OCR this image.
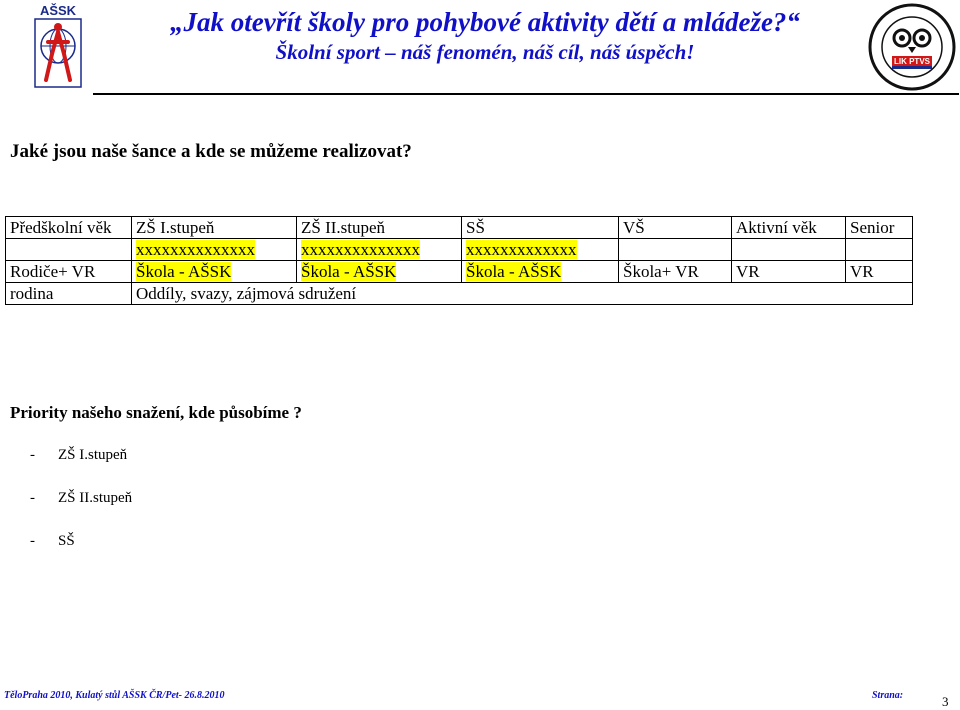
AŠSK	„Jak otevřít školy pro pohybové aktivity dětí a mládeže?“
Školní sport – náš fenomén, náš cíl, náš úspěch!	LIK PTVS
Jaké jsou naše šance a kde se můžeme realizovat?
Předškolní věk	ZŠ I.stupeň	ZŠ II.stupeň	SŠ	VŠ	Aktivní věk	Senior
	xxxxxxxxxxxxxx	xxxxxxxxxxxxxx	xxxxxxxxxxxxx			
Rodiče+ VR	Škola - AŠSK	Škola - AŠSK	Škola - AŠSK	Škola+ VR	VR	VR
rodina	Oddíly, svazy, zájmová sdružení					
Priority našeho snažení, kde působíme ?
- ZŠ I.stupeň
- ZŠ II.stupeň
- SŠ
TěloPraha 2010, Kulatý stůl AŠSK ČR/Pet- 26.8.2010	Strana:	3
